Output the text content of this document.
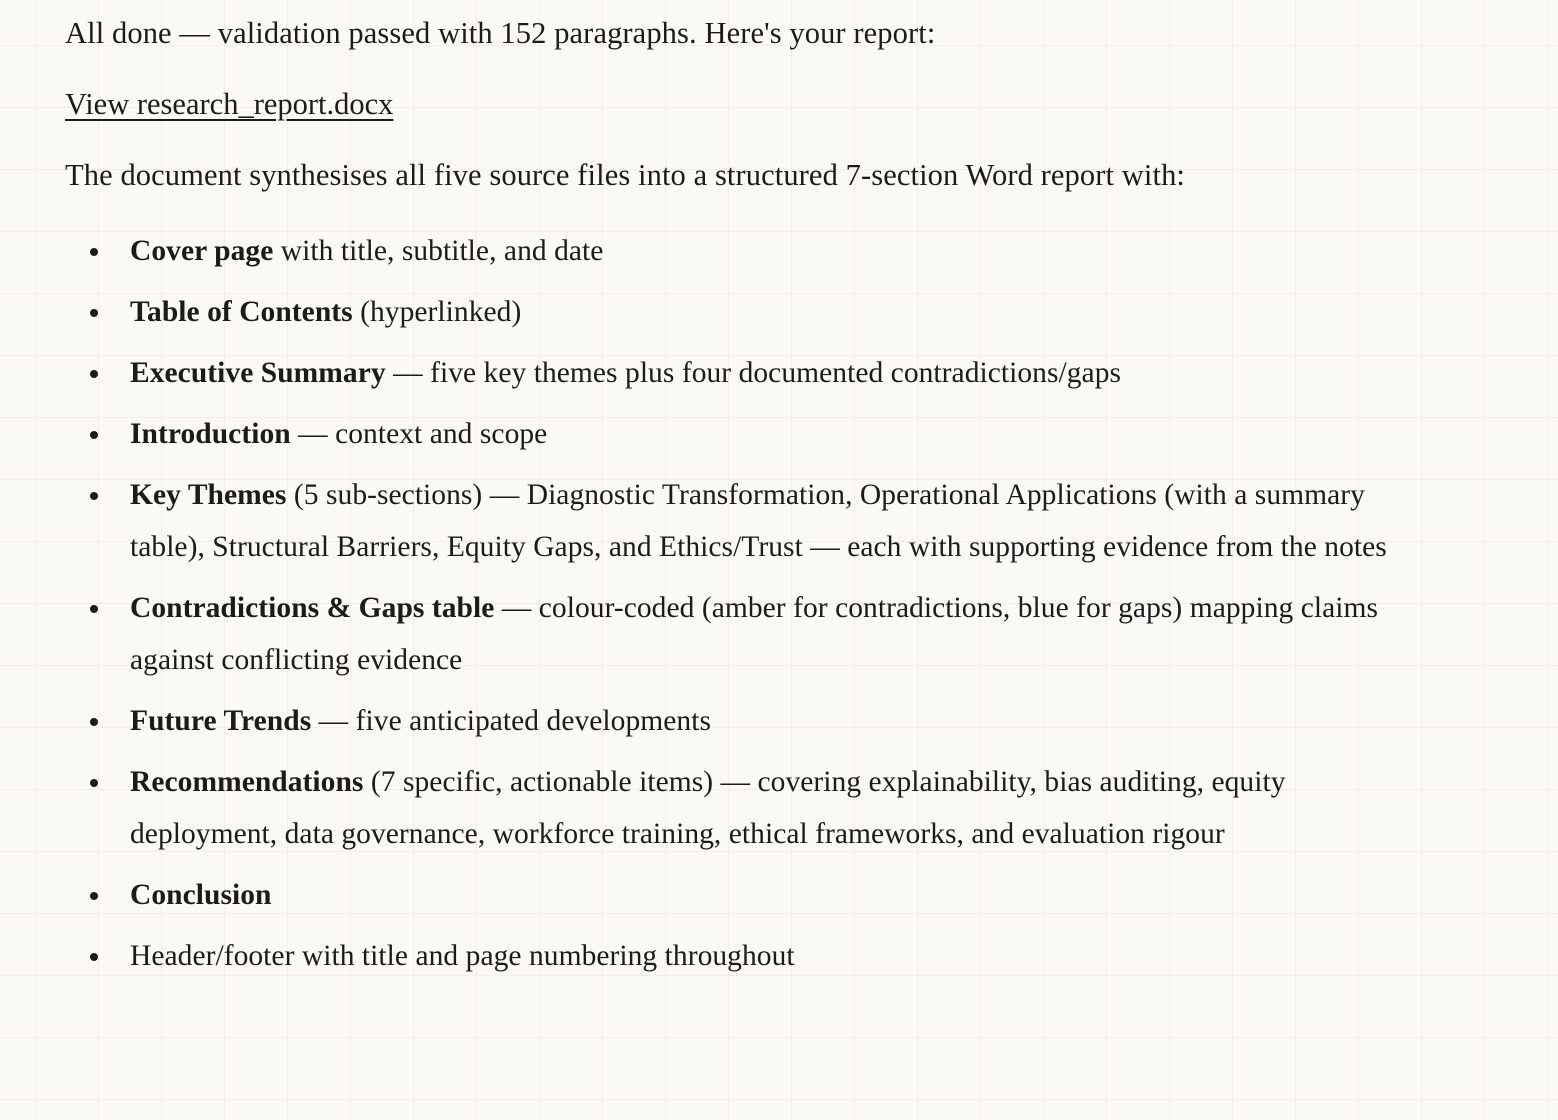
All done — validation passed with 152 paragraphs. Here's your report:

View research_report.docx

The document synthesises all five source files into a structured 7-section Word report with:

Cover page with title, subtitle, and date
Table of Contents (hyperlinked)
Executive Summary — five key themes plus four documented contradictions/gaps
Introduction — context and scope
Key Themes (5 sub-sections) — Diagnostic Transformation, Operational Applications (with a summary table), Structural Barriers, Equity Gaps, and Ethics/Trust — each with supporting evidence from the notes
Contradictions & Gaps table — colour-coded (amber for contradictions, blue for gaps) mapping claims against conflicting evidence
Future Trends — five anticipated developments
Recommendations (7 specific, actionable items) — covering explainability, bias auditing, equity deployment, data governance, workforce training, ethical frameworks, and evaluation rigour
Conclusion
Header/footer with title and page numbering throughout
